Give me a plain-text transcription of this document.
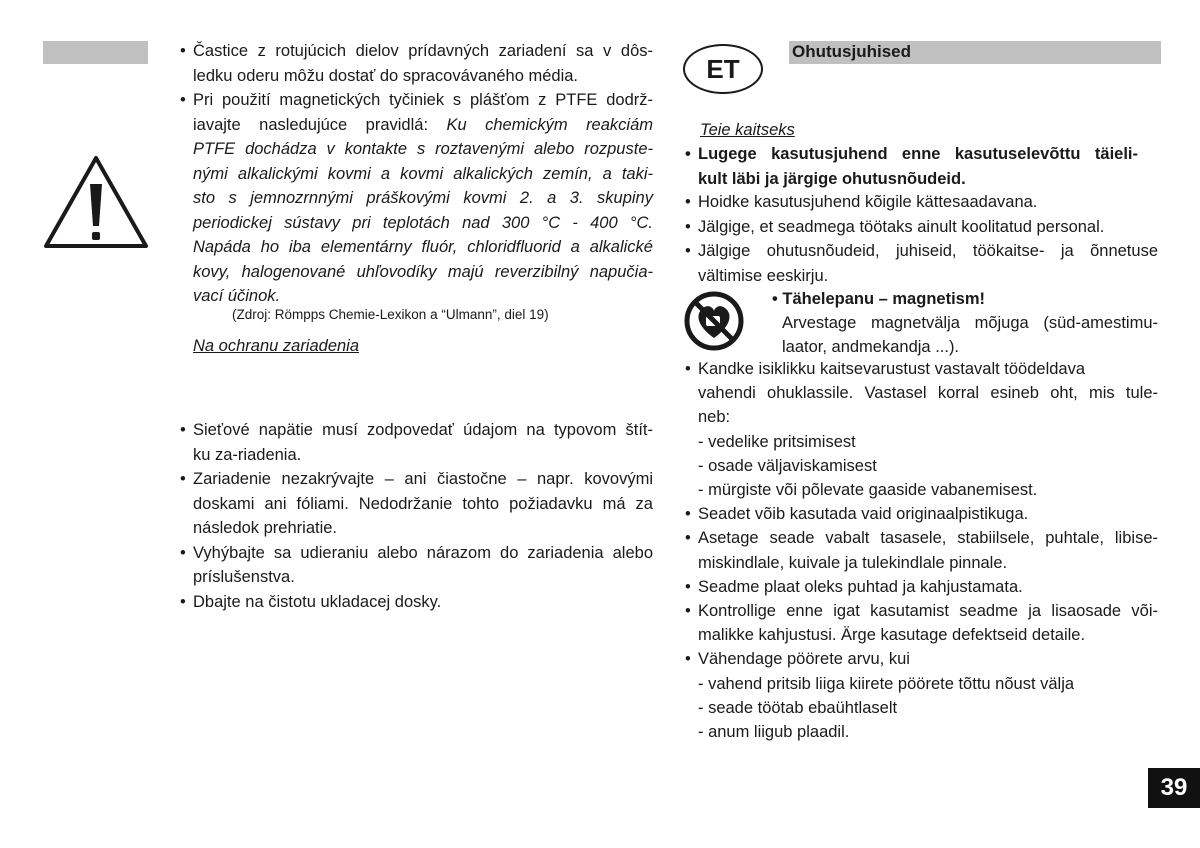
• Častice z rotujúcich dielov prídavných zariadení sa v dôs-
ledku oderu môžu dostať do spracovávaného média.
• Pri použití magnetických tyčiniek s plášťom z PTFE dodrž-
iavajte nasledujúce pravidlá: Ku chemickým reakciám
PTFE dochádza v kontakte s roztavenými alebo rozpuste-
nými alkalickými kovmi a kovmi alkalických zemín, a taki-
sto s jemnozrnnými práškovými kovmi 2. a 3. skupiny
periodickej sústavy pri teplotách nad 300 °C - 400 °C.
Napáda ho iba elementárny fluór, chloridfluorid a alkalické
kovy, halogenované uhľovodíky majú reverzibilný napučia-
vací účinok.
(Zdroj: Römpps Chemie-Lexikon a “Ulmann”, diel 19)
Na ochranu zariadenia
• Sieťové napätie musí zodpovedať údajom na typovom štít-
ku za-riadenia.
• Zariadenie nezakrývajte – ani čiastočne – napr. kovovými
doskami ani fóliami. Nedodržanie tohto požiadavku má za
následok prehriatie.
• Vyhýbajte sa udieraniu alebo nárazom do zariadenia alebo
príslušenstva.
• Dbajte na čistotu ukladacej dosky.
ET
Ohutusjuhised
Teie kaitseks
• Lugege kasutusjuhend enne kasutuselevõttu täieli-
kult läbi ja järgige ohutusnõudeid.
• Hoidke kasutusjuhend kõigile kättesaadavana.
• Jälgige, et seadmega töötaks ainult koolitatud personal.
• Jälgige ohutusnõudeid, juhiseid, töökaitse- ja õnnetuse
vältimise eeskirju.
• Tähelepanu – magnetism!
Arvestage magnetvälja mõjuga (süd-amestimu-
laator, andmekandja ...).
• Kandke isiklikku kaitsevarustust vastavalt töödeldava
vahendi ohuklassile. Vastasel korral esineb oht, mis tule-
neb:
- vedelike pritsimisest
- osade väljaviskamisest
- mürgiste või põlevate gaaside vabanemisest.
• Seadet võib kasutada vaid originaalpistikuga.
• Asetage seade vabalt tasasele, stabiilsele, puhtale, libise-
miskindlale, kuivale ja tulekindlale pinnale.
• Seadme plaat oleks puhtad ja kahjustamata.
• Kontrollige enne igat kasutamist seadme ja lisaosade või-
malikke kahjustusi. Ärge kasutage defektseid detaile.
• Vähendage pöörete arvu, kui
- vahend pritsib liiga kiirete pöörete tõttu nõust välja
- seade töötab ebaühtlaselt
- anum liigub plaadil.
39
